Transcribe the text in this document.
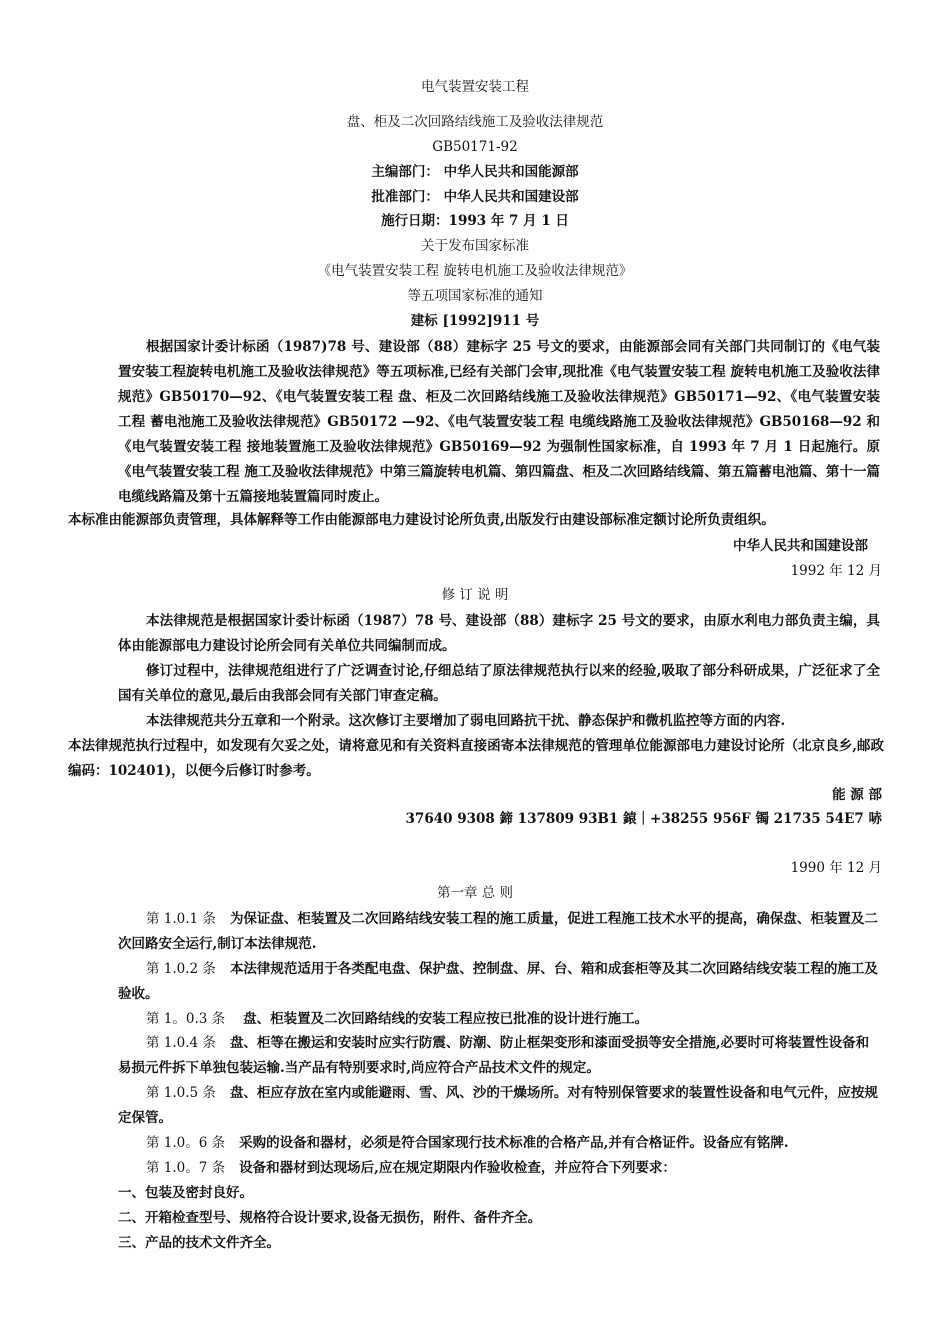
电气装置安装工程
盘、柜及二次回路结线施工及验收法律规范
GB50171-92
主编部门： 中华人民共和国能源部
批准部门： 中华人民共和国建设部
施行日期：1993 年 7 月 1 日
关于发布国家标准
《电气装置安装工程 旋转电机施工及验收法律规范》
等五项国家标准的通知
建标 [1992]911 号
根据国家计委计标函（1987)78 号、建设部（88）建标字 25 号文的要求，由能源部会同有关部门共同制订的《电气装置安装工程旋转电机施工及验收法律规范》等五项标准,已经有关部门会审,现批准《电气装置安装工程 旋转电机施工及验收法律规范》GB50170—92、《电气装置安装工程 盘、柜及二次回路结线施工及验收法律规范》GB50171—92、《电气装置安装工程 蓄电池施工及验收法律规范》GB50172 —92、《电气装置安装工程 电缆线路施工及验收法律规范》GB50168—92 和《电气装置安装工程 接地装置施工及验收法律规范》GB50169—92 为强制性国家标准，自 1993 年 7 月 1 日起施行。原《电气装置安装工程 施工及验收法律规范》中第三篇旋转电机篇、第四篇盘、柜及二次回路结线篇、第五篇蓄电池篇、第十一篇电缆线路篇及第十五篇接地装置篇同时废止。
本标准由能源部负责管理，具体解释等工作由能源部电力建设讨论所负责,出版发行由建设部标准定额讨论所负责组织。
中华人民共和国建设部
1992 年 12 月
修 订 说 明
本法律规范是根据国家计委计标函（1987）78 号、建设部（88）建标字 25 号文的要求，由原水利电力部负责主编，具体由能源部电力建设讨论所会同有关单位共同编制而成。
修订过程中，法律规范组进行了广泛调查讨论,仔细总结了原法律规范执行以来的经验,吸取了部分科研成果，广泛征求了全国有关单位的意见,最后由我部会同有关部门审查定稿。
本法律规范共分五章和一个附录。这次修订主要增加了弱电回路抗干扰、静态保护和微机监控等方面的内容.
本法律规范执行过程中，如发现有欠妥之处，请将意见和有关资料直接函寄本法律规范的管理单位能源部电力建设讨论所（北京良乡,邮政编码：102401)，以便今后修订时参考。
能 源 部
37640 9308 鍗 137809 93B1 鎱｜+38255 956F 镯 21735 54E7 哧
1990 年 12 月
第一章 总 则
第 1.0.1 条 为保证盘、柜装置及二次回路结线安装工程的施工质量，促进工程施工技术水平的提高，确保盘、柜装置及二次回路安全运行,制订本法律规范.
第 1.0.2 条 本法律规范适用于各类配电盘、保护盘、控制盘、屏、台、箱和成套柜等及其二次回路结线安装工程的施工及验收。
第 1。0.3 条 盘、柜装置及二次回路结线的安装工程应按已批准的设计进行施工。
第 1.0.4 条 盘、柜等在搬运和安装时应实行防震、防潮、防止框架变形和漆面受损等安全措施,必要时可将装置性设备和易损元件拆下单独包装运输.当产品有特别要求时,尚应符合产品技术文件的规定。
第 1.0.5 条 盘、柜应存放在室内或能避雨、雪、风、沙的干燥场所。对有特别保管要求的装置性设备和电气元件，应按规定保管。
第 1.0。6 条 采购的设备和器材，必须是符合国家现行技术标准的合格产品,并有合格证件。设备应有铭牌.
第 1.0。7 条 设备和器材到达现场后,应在规定期限内作验收检查，并应符合下列要求：
一、包装及密封良好。
二、开箱检查型号、规格符合设计要求,设备无损伤，附件、备件齐全。
三、产品的技术文件齐全。
